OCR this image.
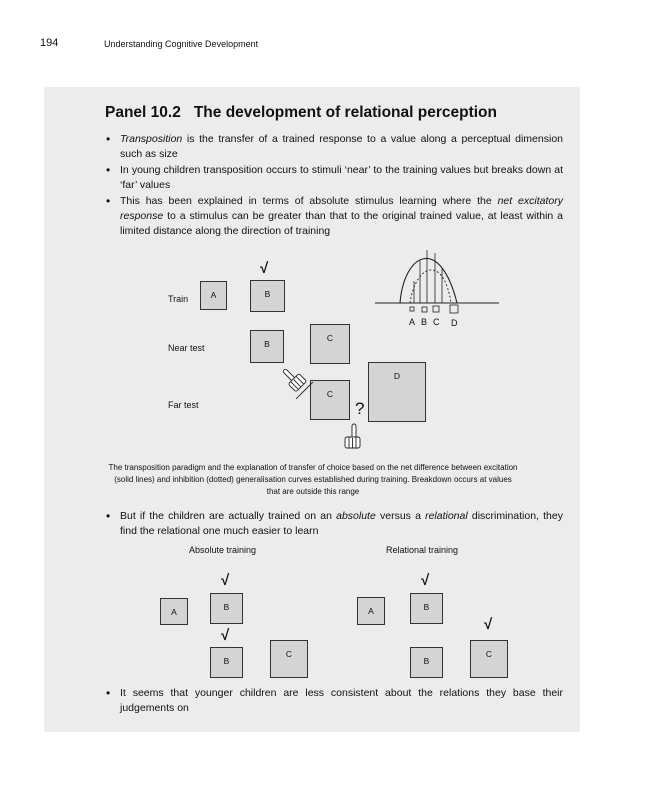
194	Understanding Cognitive Development
Panel 10.2 The development of relational perception
• Transposition is the transfer of a trained response to a value along a perceptual dimension such as size
• In young children transposition occurs to stimuli ‘near’ to the training values but breaks down at ‘far’ values
• This has been explained in terms of absolute stimulus learning where the net excitatory response to a stimulus can be greater than that to the original trained value, at least within a limited distance along the direction of training
Train
Near test
Far test
A	B
√
B
C
C
D
?
A B C D
The transposition paradigm and the explanation of transfer of choice based on the net difference between excitation (solid lines) and inhibition (dotted) generalisation curves established during training. Breakdown occurs at values that are outside this range
• But if the children are actually trained on an absolute versus a relational discrimination, they find the relational one much easier to learn
Absolute training	Relational training
A
√
B
√
B
C
A
√
B
B
√
C
• It seems that younger children are less consistent about the relations they base their judgements on
